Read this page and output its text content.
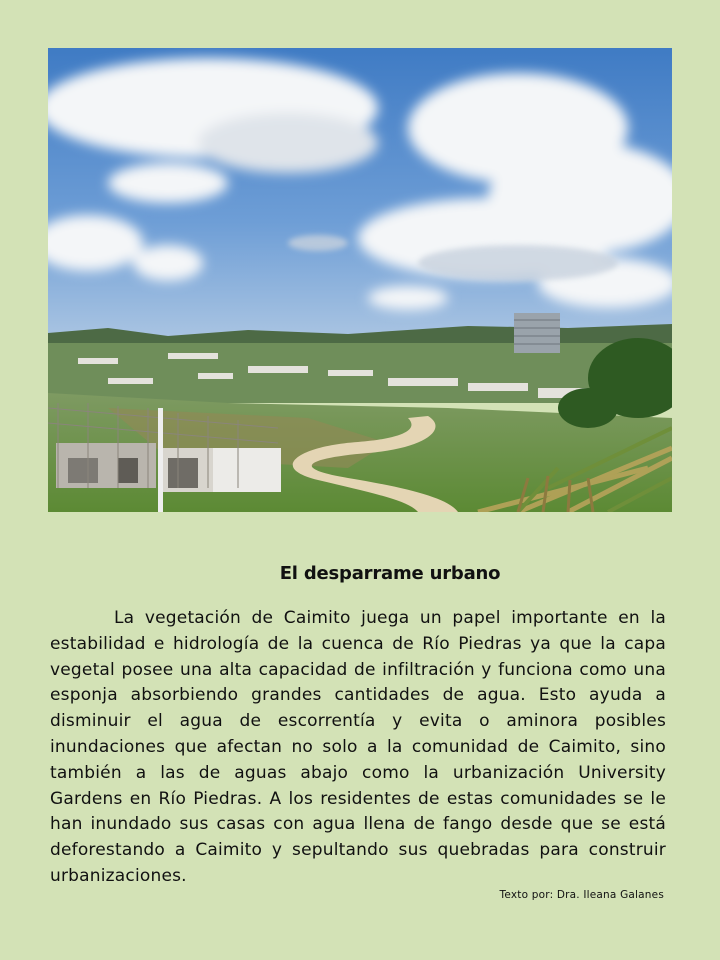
El desparrame urbano

La vegetación de Caimito juega un papel importante en la estabilidad e hidrología de la cuenca de Río Piedras ya que la capa vegetal posee una alta capacidad de infiltración y funciona como una esponja absorbiendo grandes cantidades de agua. Esto ayuda a disminuir el agua de escorrentía y evita o aminora posibles inundaciones que afectan no solo a la comunidad de Caimito, sino también a las de aguas abajo como la urbanización University Gardens en Río Piedras. A los residentes de estas comunidades se le han inundado sus casas con agua llena de fango desde que se está deforestando a Caimito y sepultando sus quebradas para construir urbanizaciones.

Texto por: Dra. Ileana Galanes
